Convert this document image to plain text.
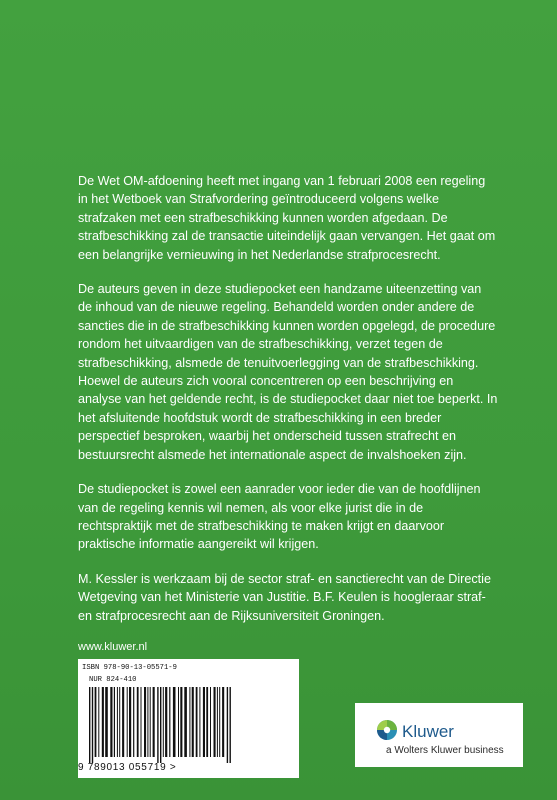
De Wet OM-afdoening heeft met ingang van 1 februari 2008 een regeling in het Wetboek van Strafvordering geïntroduceerd volgens welke strafzaken met een strafbeschikking kunnen worden afgedaan. De strafbeschikking zal de transactie uiteindelijk gaan vervangen. Het gaat om een belangrijke vernieuwing in het Nederlandse strafprocesrecht.

De auteurs geven in deze studiepocket een handzame uiteenzetting van de inhoud van de nieuwe regeling. Behandeld worden onder andere de sancties die in de strafbeschikking kunnen worden opgelegd, de procedure rondom het uitvaardigen van de strafbeschikking, verzet tegen de strafbeschikking, alsmede de tenuitvoerlegging van de strafbeschikking. Hoewel de auteurs zich vooral concentreren op een beschrijving en analyse van het geldende recht, is de studiepocket daar niet toe beperkt. In het afsluitende hoofdstuk wordt de strafbeschikking in een breder perspectief besproken, waarbij het onderscheid tussen strafrecht en bestuursrecht alsmede het internationale aspect de invalshoeken zijn.

De studiepocket is zowel een aanrader voor ieder die van de hoofdlijnen van de regeling kennis wil nemen, als voor elke jurist die in de rechtspraktijk met de strafbeschikking te maken krijgt en daarvoor praktische informatie aangereikt wil krijgen.

M. Kessler is werkzaam bij de sector straf- en sanctierecht van de Directie Wetgeving van het Ministerie van Justitie. B.F. Keulen is hoogleraar straf- en strafprocesrecht aan de Rijksuniversiteit Groningen.

www.kluwer.nl
ISBN 978-90-13-05571-9
NUR 824-410
9 789013 055719 >
Kluwer
a Wolters Kluwer business
